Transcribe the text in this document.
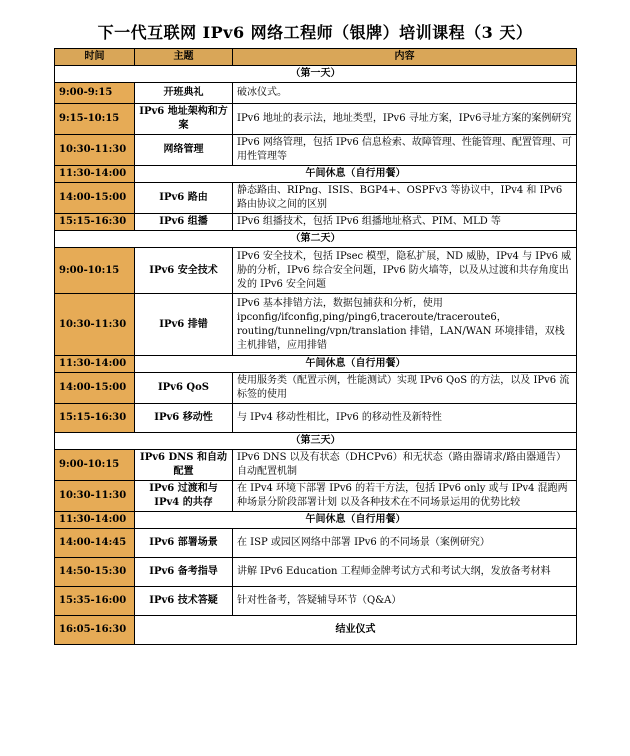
下一代互联网 IPv6 网络工程师（银牌）培训课程（3 天）
时间	主题	内容
（第一天）		
9:00-9:15	开班典礼	破冰仪式。
9:15-10:15	IPv6 地址架构和方案	IPv6 地址的表示法，地址类型，IPv6 寻址方案，IPv6寻址方案的案例研究
10:30-11:30	网络管理	IPv6 网络管理，包括 IPv6 信息检索、故障管理、性能管理、配置管理、可用性管理等
11:30-14:00	午间休息（自行用餐）	
14:00-15:00	IPv6 路由	静态路由、RIPng、ISIS、BGP4+、OSPFv3 等协议中，IPv4 和 IPv6 路由协议之间的区别
15:15-16:30	IPv6 组播	IPv6 组播技术，包括 IPv6 组播地址格式、PIM、MLD 等
（第二天）		
9:00-10:15	IPv6 安全技术	IPv6 安全技术，包括 IPsec 模型，隐私扩展，ND 威胁，IPv4 与 IPv6 威胁的分析，IPv6 综合安全问题，IPv6 防火墙等，以及从过渡和共存角度出发的 IPv6 安全问题
10:30-11:30	IPv6 排错	IPv6 基本排错方法，数据包捕获和分析，使用 ipconfig/ifconfig,ping/ping6,traceroute/traceroute6，routing/tunneling/vpn/translation 排错，LAN/WAN 环境排错，双栈主机排错，应用排错
11:30-14:00	午间休息（自行用餐）	
14:00-15:00	IPv6 QoS	使用服务类（配置示例，性能测试）实现 IPv6 QoS 的方法，以及 IPv6 流标签的使用
15:15-16:30	IPv6 移动性	与 IPv4 移动性相比，IPv6 的移动性及新特性
（第三天）		
9:00-10:15	IPv6 DNS 和自动配置	IPv6 DNS 以及有状态（DHCPv6）和无状态（路由器请求/路由器通告）自动配置机制
10:30-11:30	IPv6 过渡和与 IPv4 的共存	在 IPv4 环境下部署 IPv6 的若干方法，包括 IPv6 only 或与 IPv4 混跑两种场景分阶段部署计划 以及各种技术在不同场景运用的优势比较
11:30-14:00	午间休息（自行用餐）	
14:00-14:45	IPv6 部署场景	在 ISP 或园区网络中部署 IPv6 的不同场景（案例研究）
14:50-15:30	IPv6 备考指导	讲解 IPv6 Education 工程师金牌考试方式和考试大纲，发放备考材料
15:35-16:00	IPv6 技术答疑	针对性备考，答疑辅导环节（Q&A）
16:05-16:30	结业仪式	
